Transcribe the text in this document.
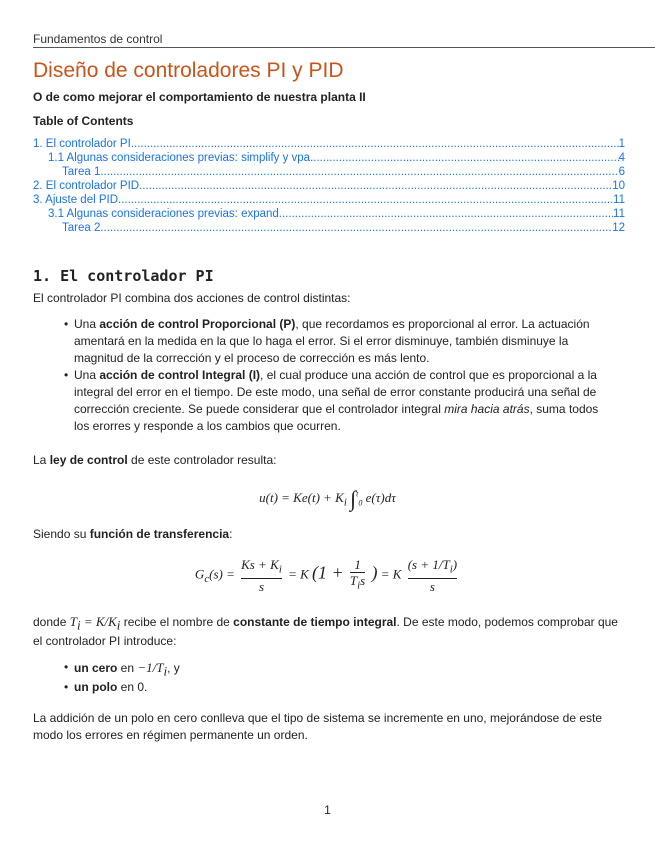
Fundamentos de control
Diseño de controladores PI y PID
O de como mejorar el comportamiento de nuestra planta II
Table of Contents
1. El controlador PI .....	1
1.1 Algunas consideraciones previas: simplify y vpa .....	4
Tarea 1 .....	6
2. El controlador PID .....	10
3. Ajuste del PID .....	11
3.1 Algunas consideraciones previas: expand .....	11
Tarea 2 .....	12
1. El controlador PI

El controlador PI combina dos acciones de control distintas:

• Una acción de control Proporcional (P), que recordamos es proporcional al error. La actuación amentará en la medida en la que lo haga el error. Si el error disminuye, también disminuye la magnitud de la corrección y el proceso de corrección es más lento.
• Una acción de control Integral (I), el cual produce una acción de control que es proporcional a la integral del error en el tiempo. De este modo, una señal de error constante producirá una señal de corrección creciente. Se puede considerar que el controlador integral mira hacia atrás, suma todos los erorres y responde a los cambios que ocurren.

La ley de control de este controlador resulta:

$u(t) = Ke(t) + K_i$ ∫$^t_0$ e(τ)dτ

Siendo su función de transferencia:

$G_c(s) = \frac{Ks + K_i}{s} = K$ ($1 + \frac{1}{T_is}$ ) = K $\frac{(s + 1/T_i)}{s}$

donde $T_i = K/K_i$ recibe el nombre de constante de tiempo integral. De este modo, podemos comprobar que el controlador PI introduce:

• un cero en $-1/T_i$, y
• un polo en 0.

La addición de un polo en cero conlleva que el tipo de sistema se incremente en uno, mejorándose de este modo los errores en régimen permanente un orden.

1
